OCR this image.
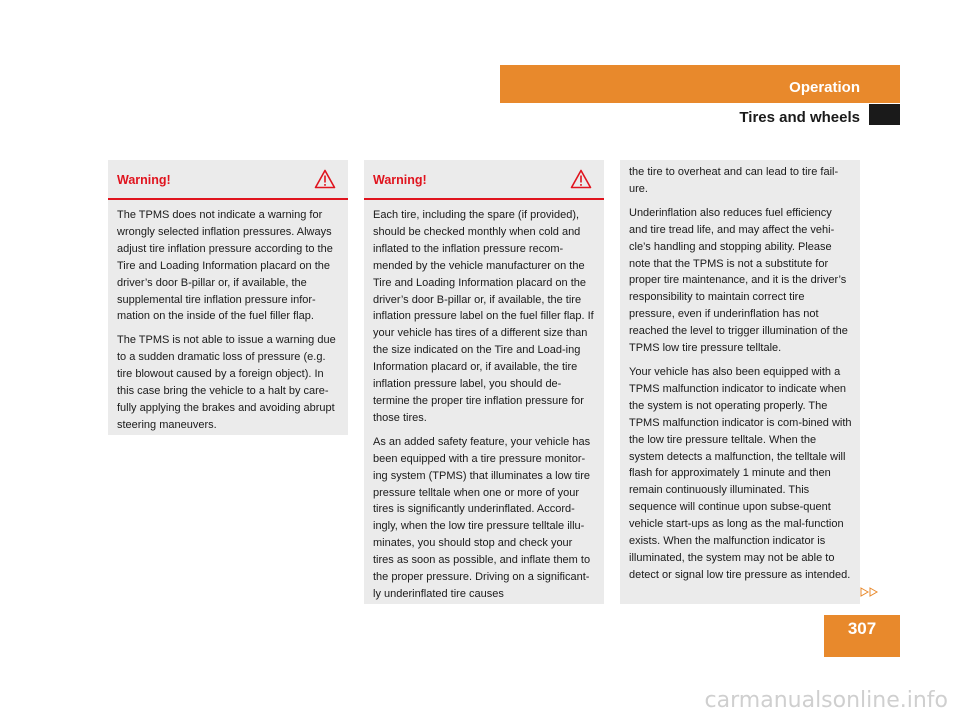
Operation
Tires and wheels
Warning!

The TPMS does not indicate a warning for wrongly selected inflation pressures. Always adjust tire inflation pressure according to the Tire and Loading Information placard on the driver’s door B-pillar or, if available, the supplemental tire inflation pressure infor-mation on the inside of the fuel filler flap.

The TPMS is not able to issue a warning due to a sudden dramatic loss of pressure (e.g. tire blowout caused by a foreign object). In this case bring the vehicle to a halt by care-fully applying the brakes and avoiding abrupt steering maneuvers.

Warning!

Each tire, including the spare (if provided), should be checked monthly when cold and inflated to the inflation pressure recom-mended by the vehicle manufacturer on the Tire and Loading Information placard on the driver’s door B-pillar or, if available, the tire inflation pressure label on the fuel filler flap. If your vehicle has tires of a different size than the size indicated on the Tire and Load-ing Information placard or, if available, the tire inflation pressure label, you should de-termine the proper tire inflation pressure for those tires.

As an added safety feature, your vehicle has been equipped with a tire pressure monitor-ing system (TPMS) that illuminates a low tire pressure telltale when one or more of your tires is significantly underinflated. Accord-ingly, when the low tire pressure telltale illu-minates, you should stop and check your tires as soon as possible, and inflate them to the proper pressure. Driving on a significant-ly underinflated tire causes

the tire to overheat and can lead to tire fail-ure.

Underinflation also reduces fuel efficiency and tire tread life, and may affect the vehi-cle’s handling and stopping ability. Please note that the TPMS is not a substitute for proper tire maintenance, and it is the driver’s responsibility to maintain correct tire pressure, even if underinflation has not reached the level to trigger illumination of the TPMS low tire pressure telltale.

Your vehicle has also been equipped with a TPMS malfunction indicator to indicate when the system is not operating properly. The TPMS malfunction indicator is com-bined with the low tire pressure telltale. When the system detects a malfunction, the telltale will flash for approximately 1 minute and then remain continuously illuminated. This sequence will continue upon subse-quent vehicle start-ups as long as the mal-function exists. When the malfunction indicator is illuminated, the system may not be able to detect or signal low tire pressure as intended.

307
carmanualsonline.info
